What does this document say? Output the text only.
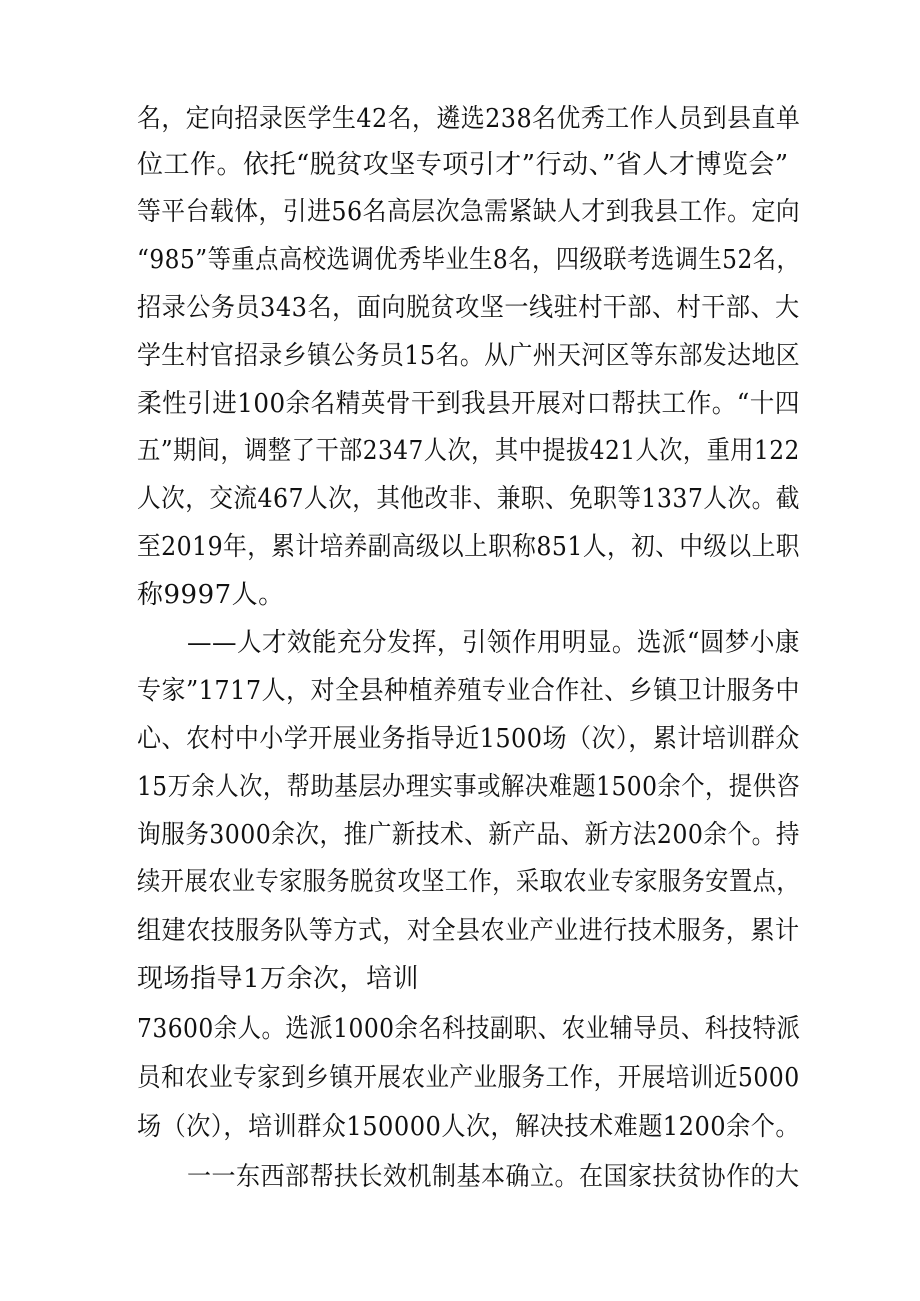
名，定向招录医学生42名，遴选238名优秀工作人员到县直单
位工作。依托“脱贫攻坚专项引才”行动、”省人才博览会”
等平台载体，引进56名高层次急需紧缺人才到我县工作。定向
“985”等重点高校选调优秀毕业生8名，四级联考选调生52名，
招录公务员343名，面向脱贫攻坚一线驻村干部、村干部、大
学生村官招录乡镇公务员15名。从广州天河区等东部发达地区
柔性引进100余名精英骨干到我县开展对口帮扶工作。“十四
五”期间，调整了干部2347人次，其中提拔421人次，重用122
人次，交流467人次，其他改非、兼职、免职等1337人次。截
至2019年，累计培养副高级以上职称851人，初、中级以上职
称9997人。
——人才效能充分发挥，引领作用明显。选派“圆梦小康
专家”1717人，对全县种植养殖专业合作社、乡镇卫计服务中
心、农村中小学开展业务指导近1500场（次），累计培训群众
15万余人次，帮助基层办理实事或解决难题1500余个，提供咨
询服务3000余次，推广新技术、新产品、新方法200余个。持
续开展农业专家服务脱贫攻坚工作，采取农业专家服务安置点，
组建农技服务队等方式，对全县农业产业进行技术服务，累计
现场指导1万余次，培训
73600余人。选派1000余名科技副职、农业辅导员、科技特派
员和农业专家到乡镇开展农业产业服务工作，开展培训近5000
场（次），培训群众150000人次，解决技术难题1200余个。
一一东西部帮扶长效机制基本确立。在国家扶贫协作的大
